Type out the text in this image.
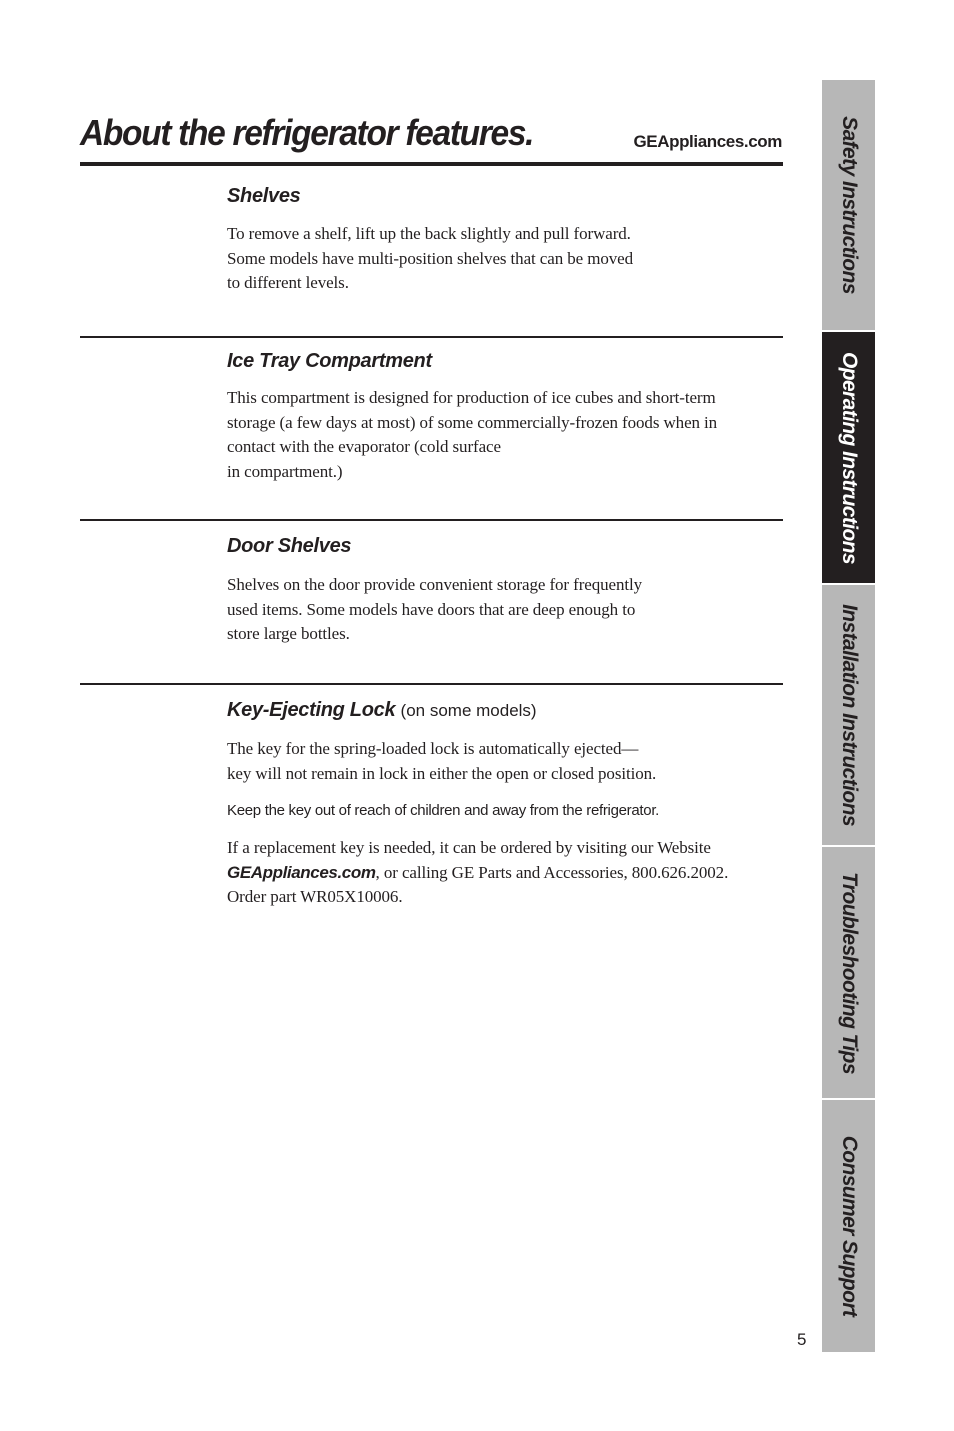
About the refrigerator features.	GEAppliances.com
Shelves
To remove a shelf, lift up the back slightly and pull forward.
Some models have multi-position shelves that can be moved
to different levels.
Ice Tray Compartment
This compartment is designed for production of ice cubes and short-term
storage (a few days at most) of some commercially-frozen foods when in
contact with the evaporator (cold surface
in compartment.)
Door Shelves
Shelves on the door provide convenient storage for frequently
used items. Some models have doors that are deep enough to
store large bottles.
Key-Ejecting Lock (on some models)
The key for the spring-loaded lock is automatically ejected—
key will not remain in lock in either the open or closed position.
Keep the key out of reach of children and away from the refrigerator.
If a replacement key is needed, it can be ordered by visiting our Website
GEAppliances.com, or calling GE Parts and Accessories, 800.626.2002.
Order part WR05X10006.
Safety Instructions
Operating Instructions
Installation Instructions
Troubleshooting Tips
Consumer Support
5
